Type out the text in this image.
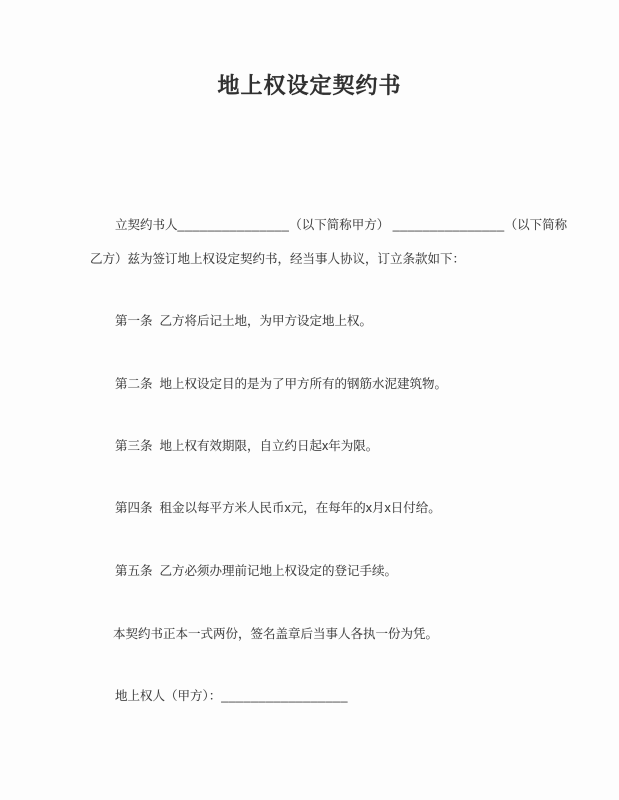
地上权设定契约书
立契约书人_______________（以下简称甲方） _______________（以下简称
乙方）兹为签订地上权设定契约书，经当事人协议，订立条款如下：
第一条 乙方将后记土地，为甲方设定地上权。
第二条 地上权设定目的是为了甲方所有的钢筋水泥建筑物。
第三条 地上权有效期限，自立约日起x年为限。
第四条 租金以每平方米人民币x元，在每年的x月x日付给。
第五条 乙方必须办理前记地上权设定的登记手续。
本契约书正本一式两份，签名盖章后当事人各执一份为凭。
地上权人（甲方）：_________________
